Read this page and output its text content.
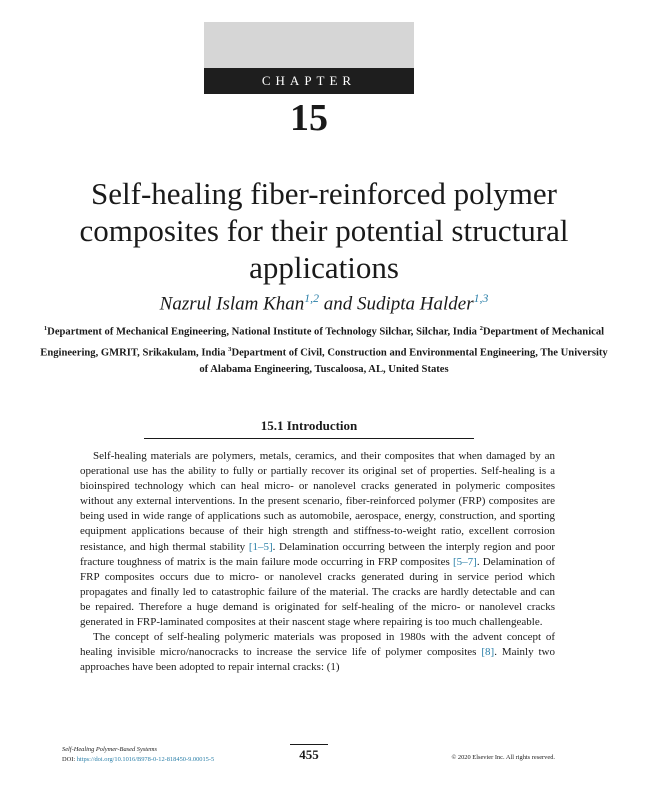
CHAPTER
15
Self-healing fiber-reinforced polymer composites for their potential structural applications
Nazrul Islam Khan$^{1,2}$ and Sudipta Halder$^{1,3}$
$^1$Department of Mechanical Engineering, National Institute of Technology Silchar, Silchar, India $^2$Department of Mechanical Engineering, GMRIT, Srikakulam, India $^3$Department of Civil, Construction and Environmental Engineering, The University of Alabama Engineering, Tuscaloosa, AL, United States
15.1 Introduction

Self-healing materials are polymers, metals, ceramics, and their composites that when damaged by an operational use has the ability to fully or partially recover its original set of properties. Self-healing is a bioinspired technology which can heal micro- or nanolevel cracks generated in polymeric composites without any external interventions. In the present scenario, fiber-reinforced polymer (FRP) composites are being used in wide range of applications such as automobile, aerospace, energy, construction, and sporting equipment applications because of their high strength and stiffness-to-weight ratio, excellent corrosion resistance, and high thermal stability [1–5]. Delamination occurring between the interply region and poor fracture toughness of matrix is the main failure mode occurring in FRP composites [5–7]. Delamination of FRP composites occurs due to micro- or nanolevel cracks generated during in service period which propagates and finally led to catastrophic failure of the material. The cracks are hardly detectable and can be repaired. Therefore a huge demand is originated for self-healing of the micro- or nanolevel cracks generated in FRP-laminated composites at their nascent stage where repairing is too much challengeable.

The concept of self-healing polymeric materials was proposed in 1980s with the advent concept of healing invisible micro/nanocracks to increase the service life of polymer composites [8]. Mainly two approaches have been adopted to repair internal cracks: (1)

Self-Healing Polymer-Based Systems
DOI: https://doi.org/10.1016/B978-0-12-818450-9.00015-5	455	© 2020 Elsevier Inc. All rights reserved.
